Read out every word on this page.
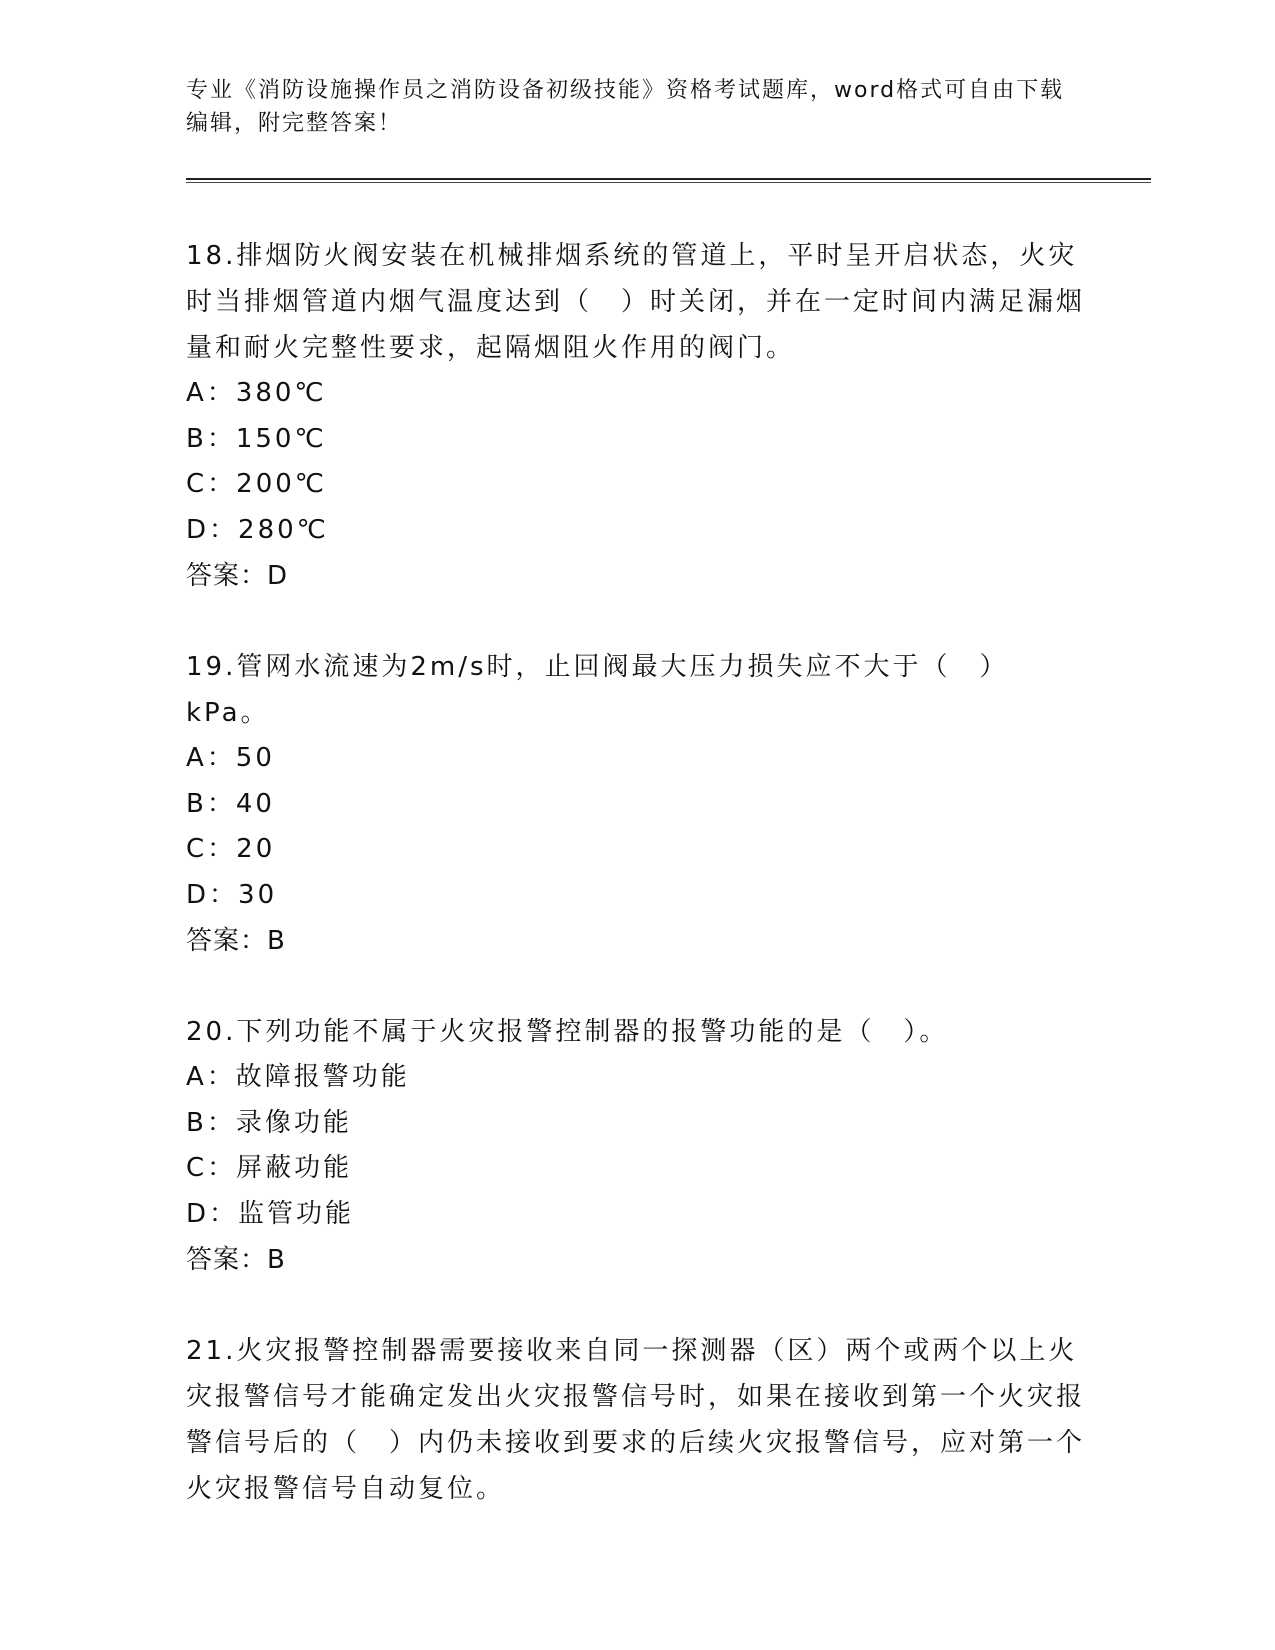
专业《消防设施操作员之消防设备初级技能》资格考试题库，word格式可自由下载编辑，附完整答案！
18.排烟防火阀安装在机械排烟系统的管道上，平时呈开启状态，火灾时当排烟管道内烟气温度达到（　）时关闭，并在一定时间内满足漏烟量和耐火完整性要求，起隔烟阻火作用的阀门。
A：380℃
B：150℃
C：200℃
D：280℃
答案：D
19.管网水流速为2m/s时，止回阀最大压力损失应不大于（　）kPa。
A：50
B：40
C：20
D：30
答案：B
20.下列功能不属于火灾报警控制器的报警功能的是（　）。
A：故障报警功能
B：录像功能
C：屏蔽功能
D：监管功能
答案：B
21.火灾报警控制器需要接收来自同一探测器（区）两个或两个以上火灾报警信号才能确定发出火灾报警信号时，如果在接收到第一个火灾报警信号后的（　）内仍未接收到要求的后续火灾报警信号，应对第一个火灾报警信号自动复位。
